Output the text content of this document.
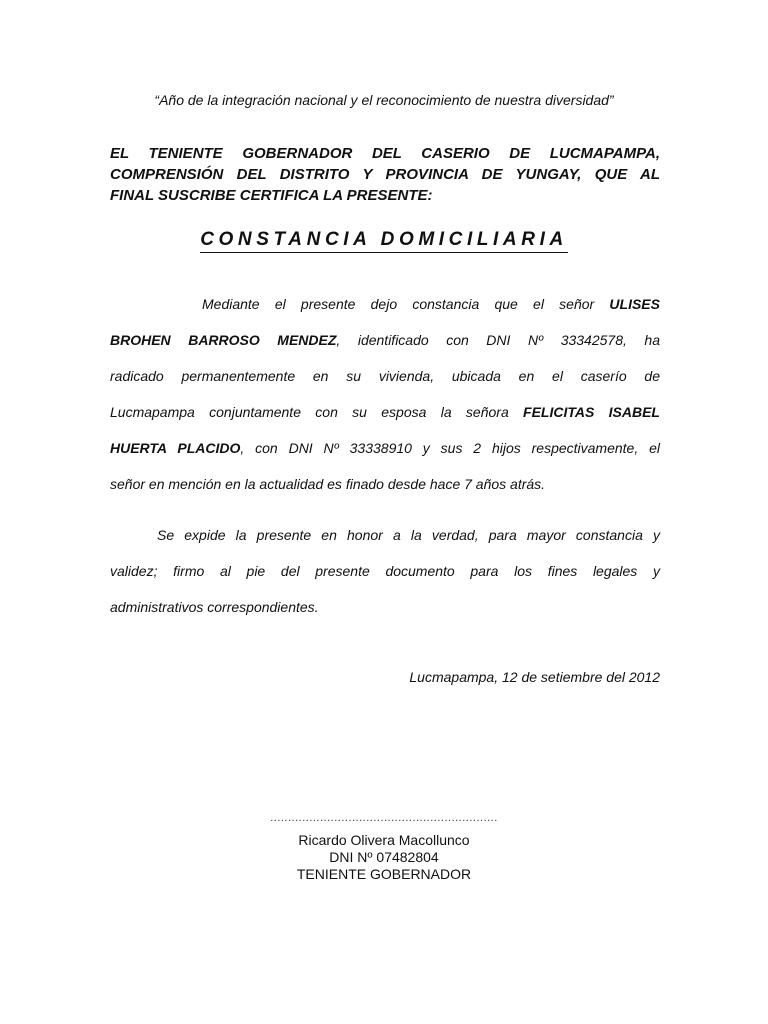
“Año de la integración nacional y el reconocimiento de nuestra diversidad”
EL TENIENTE GOBERNADOR DEL CASERIO DE LUCMAPAMPA,
COMPRENSIÓN DEL DISTRITO Y PROVINCIA DE YUNGAY, QUE AL
FINAL SUSCRIBE CERTIFICA LA PRESENTE:
CONSTANCIA DOMICILIARIA
Mediante el presente dejo constancia que el señor ULISES
BROHEN BARROSO MENDEZ, identificado con DNI Nº 33342578, ha
radicado permanentemente en su vivienda, ubicada en el caserío de
Lucmapampa conjuntamente con su esposa la señora FELICITAS ISABEL
HUERTA PLACIDO, con DNI Nº 33338910 y sus 2 hijos respectivamente, el
señor en mención en la actualidad es finado desde hace 7 años atrás.
Se expide la presente en honor a la verdad, para mayor constancia y
validez; firmo al pie del presente documento para los fines legales y
administrativos correspondientes.
Lucmapampa, 12 de setiembre del 2012
................................................................
Ricardo Olivera Macollunco
DNI Nº 07482804
TENIENTE GOBERNADOR
